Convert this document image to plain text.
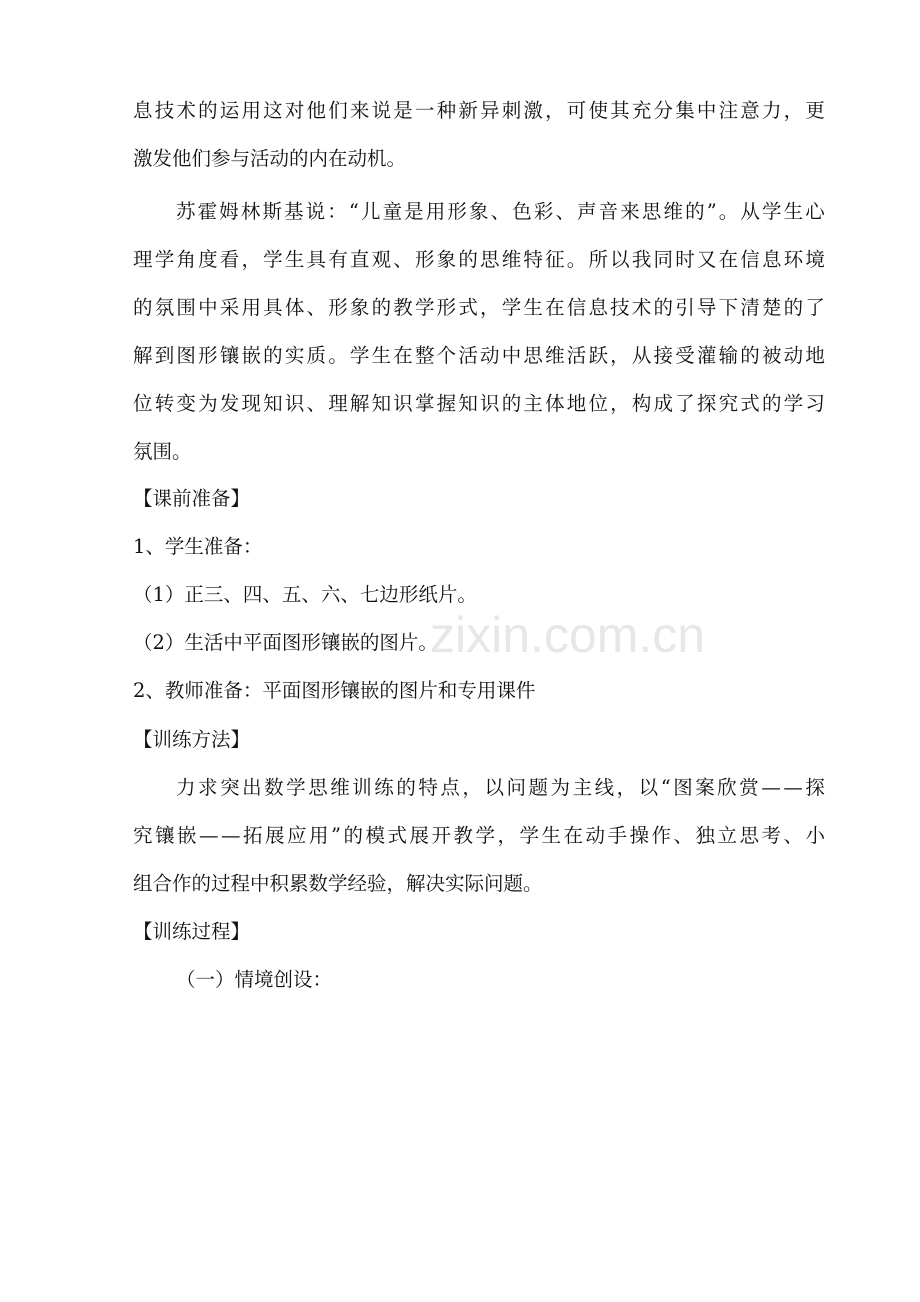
zixin.com.cn
息 技 术 的 运 用 这 对 他 们 来 说 是 一 种 新 异 刺 激 ， 可 使 其 充 分 集 中 注 意 力 ， 更
激发他们参与活动的内在动机。
苏 霍 姆 林 斯 基 说 ： “ 儿 童 是 用 形 象 、 色 彩 、 声 音 来 思 维 的 ” 。 从 学 生 心
理 学 角 度 看 ， 学 生 具 有 直 观 、 形 象 的 思 维 特 征 。 所 以 我 同 时 又 在 信 息 环 境
的 氛 围 中 采 用 具 体 、 形 象 的 教 学 形 式 ， 学 生 在 信 息 技 术 的 引 导 下 清 楚 的 了
解 到 图 形 镶 嵌 的 实 质 。 学 生 在 整 个 活 动 中 思 维 活 跃 ， 从 接 受 灌 输 的 被 动 地
位 转 变 为 发 现 知 识 、 理 解 知 识 掌 握 知 识 的 主 体 地 位 ， 构 成 了 探 究 式 的 学 习
氛围。
【课前准备】
1、学生准备：
（1）正三、四、五、六、七边形纸片。
（2）生活中平面图形镶嵌的图片。
2、教师准备：平面图形镶嵌的图片和专用课件
【训练方法】
力 求 突 出 数 学 思 维 训 练 的 特 点 ， 以 问 题 为 主 线 ， 以 “ 图 案 欣 赏 — — 探
究 镶 嵌 — — 拓 展 应 用 ” 的 模 式 展 开 教 学 ， 学 生 在 动 手 操 作 、 独 立 思 考 、 小
组合作的过程中积累数学经验，解决实际问题。
【训练过程】
（一）情境创设：
